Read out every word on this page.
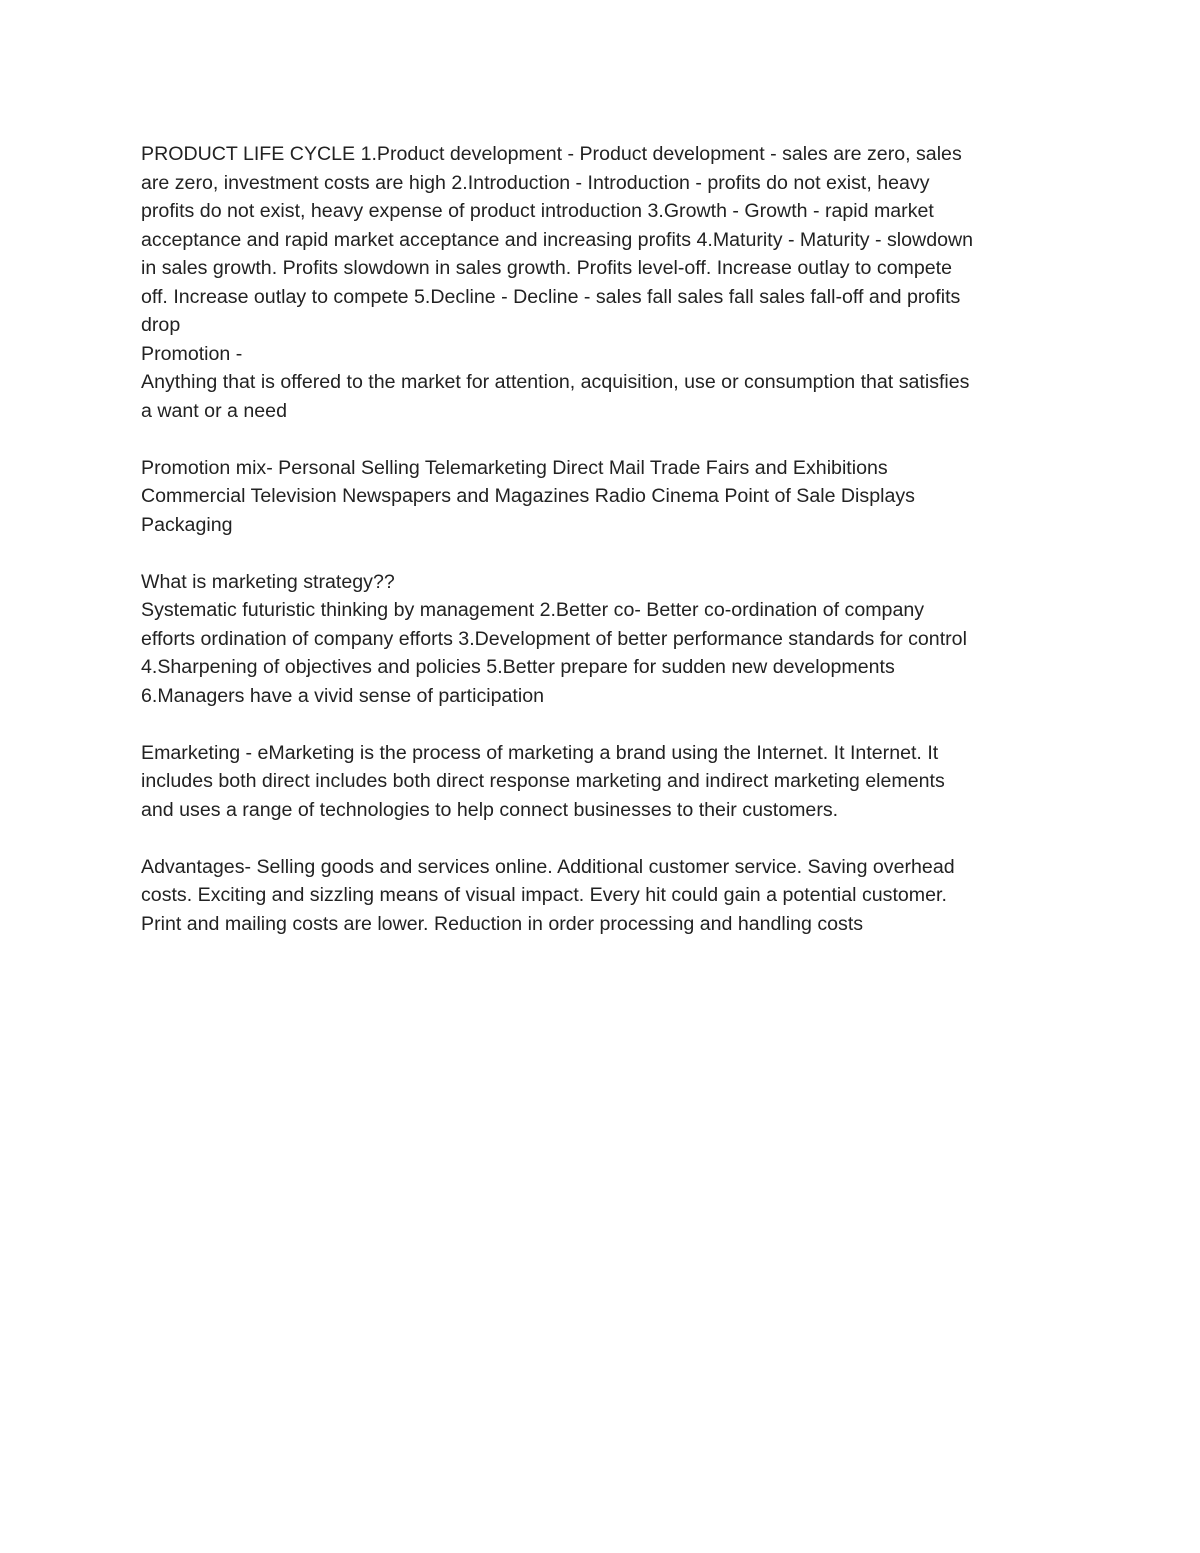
PRODUCT LIFE CYCLE 1.Product development - Product development - sales are zero, sales
are zero, investment costs are high 2.Introduction - Introduction - profits do not exist, heavy
profits do not exist, heavy expense of product introduction 3.Growth - Growth - rapid market
acceptance and rapid market acceptance and increasing profits 4.Maturity - Maturity - slowdown
in sales growth. Profits slowdown in sales growth. Profits level-off. Increase outlay to compete
off. Increase outlay to compete 5.Decline - Decline - sales fall sales fall sales fall-off and profits
drop
Promotion -
Anything that is offered to the market for attention, acquisition, use or consumption that satisfies
a want or a need
Promotion mix- Personal Selling Telemarketing Direct Mail Trade Fairs and Exhibitions
Commercial Television Newspapers and Magazines Radio Cinema Point of Sale Displays
Packaging
What is marketing strategy??
Systematic futuristic thinking by management 2.Better co- Better co-ordination of company
efforts ordination of company efforts 3.Development of better performance standards for control
4.Sharpening of objectives and policies 5.Better prepare for sudden new developments
6.Managers have a vivid sense of participation
Emarketing - eMarketing is the process of marketing a brand using the Internet. It Internet. It
includes both direct includes both direct response marketing and indirect marketing elements
and uses a range of technologies to help connect businesses to their customers.
Advantages- Selling goods and services online. Additional customer service. Saving overhead
costs. Exciting and sizzling means of visual impact. Every hit could gain a potential customer.
Print and mailing costs are lower. Reduction in order processing and handling costs
